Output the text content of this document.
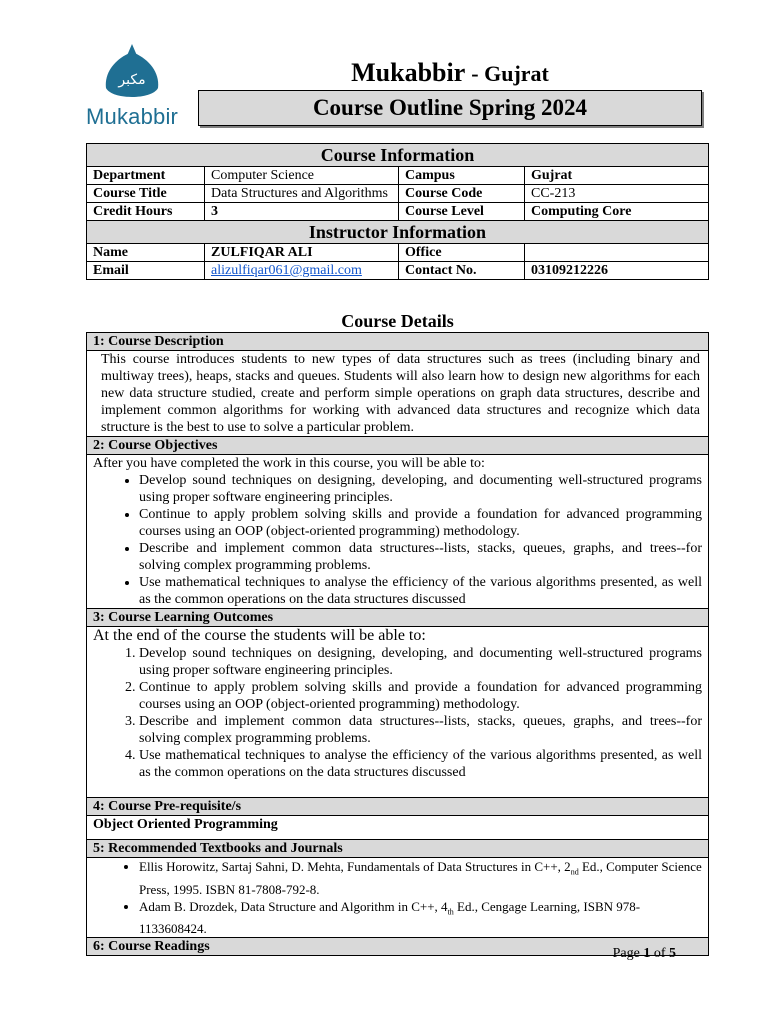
مکبر
Mukabbir
Mukabbir - Gujrat
Course Outline Spring 2024
Course Information			
Department	Computer Science	Campus	Gujrat
Course Title	Data Structures and Algorithms	Course Code	CC-213
Credit Hours	3	Course Level	Computing Core
Instructor Information			
Name	ZULFIQAR ALI	Office	
Email	alizulfiqar061@gmail.com	Contact No.	03109212226
Course Details
1: Course Description
This course introduces students to new types of data structures such as trees (including binary and multiway trees), heaps, stacks and queues. Students will also learn how to design new algorithms for each new data structure studied, create and perform simple operations on graph data structures, describe and implement common algorithms for working with advanced data structures and recognize which data structure is the best to use to solve a particular problem.
2: Course Objectives

After you have completed the work in this course, you will be able to:
• Develop sound techniques on designing, developing, and documenting well-structured programs using proper software engineering principles.
• Continue to apply problem solving skills and provide a foundation for advanced programming courses using an OOP (object-oriented programming) methodology.
• Describe and implement common data structures--lists, stacks, queues, graphs, and trees--for solving complex programming problems.
• Use mathematical techniques to analyse the efficiency of the various algorithms presented, as well as the common operations on the data structures discussed

3: Course Learning Outcomes

At the end of the course the students will be able to:
1. Develop sound techniques on designing, developing, and documenting well-structured programs using proper software engineering principles.
2. Continue to apply problem solving skills and provide a foundation for advanced programming courses using an OOP (object-oriented programming) methodology.
3. Describe and implement common data structures--lists, stacks, queues, graphs, and trees--for solving complex programming problems.
4. Use mathematical techniques to analyse the efficiency of the various algorithms presented, as well as the common operations on the data structures discussed

4: Course Pre-requisite/s
Object Oriented Programming
5: Recommended Textbooks and Journals

• Ellis Horowitz, Sartaj Sahni, D. Mehta, Fundamentals of Data Structures in C++, $2_{nd}$ Ed., Computer Science Press, 1995. ISBN 81-7808-792-8.
• Adam B. Drozdek, Data Structure and Algorithm in C++, $4_{th}$ Ed., Cengage Learning, ISBN 978-1133608424.

6: Course Readings	Page 1 of 5
